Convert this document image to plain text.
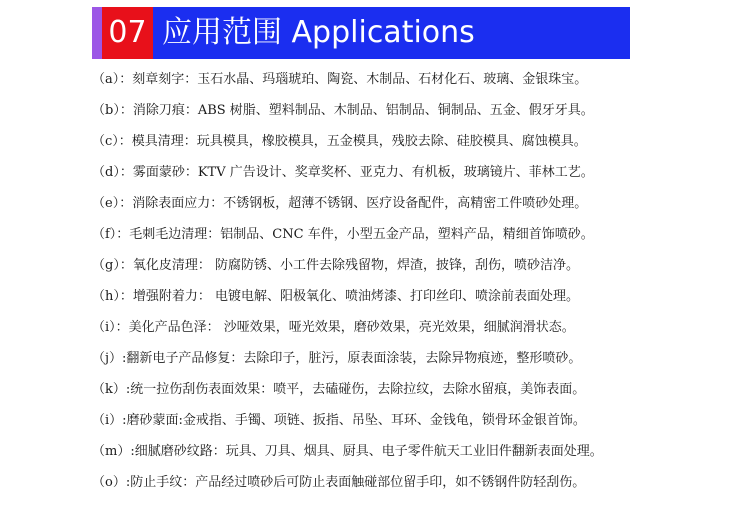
07 应用范围 Applications
（a）：刻章刻字：玉石水晶、玛瑙琥珀、陶瓷、木制品、石材化石、玻璃、金银珠宝。
（b）：消除刀痕：ABS 树脂、塑料制品、木制品、铝制品、铜制品、五金、假牙牙具。
（c）：模具清理：玩具模具，橡胶模具，五金模具，残胶去除、硅胶模具、腐蚀模具。
（d）：雾面蒙砂：KTV 广告设计、奖章奖杯、亚克力、有机板，玻璃镜片、菲林工艺。
（e）：消除表面应力：不锈钢板，超薄不锈钢、医疗设备配件，高精密工件喷砂处理。
（f）：毛刺毛边清理：铝制品、CNC 车件，小型五金产品，塑料产品，精细首饰喷砂。
（g）：氧化皮清理： 防腐防锈、小工件去除残留物，焊渣，披锋，刮伤，喷砂洁净。
（h）：增强附着力： 电镀电解、阳极氧化、喷油烤漆、打印丝印、喷涂前表面处理。
（i）：美化产品色泽： 沙哑效果，哑光效果，磨砂效果，亮光效果，细腻润滑状态。
（j）:翻新电子产品修复：去除印子，脏污，原表面涂装，去除异物痕迹，整形喷砂。
（k）:统一拉伤刮伤表面效果：喷平，去磕碰伤，去除拉纹，去除水留痕，美饰表面。
（i）:磨砂蒙面:金戒指、手镯、项链、扳指、吊坠、耳环、金钱龟，锁骨环金银首饰。
（m）:细腻磨砂纹路：玩具、刀具、烟具、厨具、电子零件航天工业旧件翻新表面处理。
（o）:防止手纹：产品经过喷砂后可防止表面触碰部位留手印，如不锈钢件防轻刮伤。
